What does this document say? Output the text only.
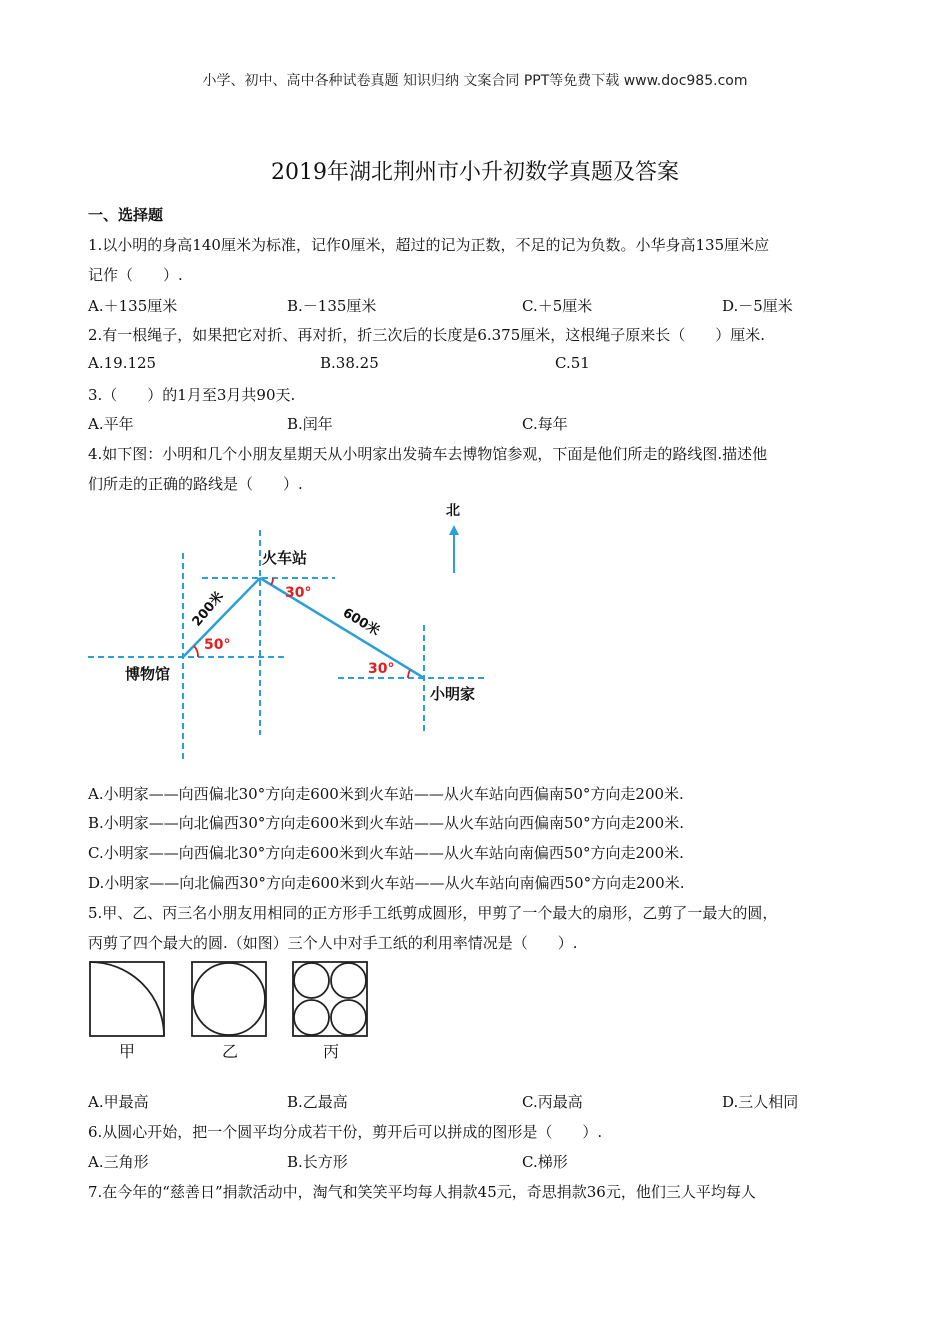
小学、初中、高中各种试卷真题 知识归纳 文案合同 PPT等免费下载 www.doc985.com
2019年湖北荆州市小升初数学真题及答案
一、选择题
1.以小明的身高140厘米为标准，记作0厘米，超过的记为正数，不足的记为负数。小华身高135厘米应
记作（　　）.
A.＋135厘米	B.－135厘米	C.＋5厘米	D.－5厘米
2.有一根绳子，如果把它对折、再对折，折三次后的长度是6.375厘米，这根绳子原来长（　　）厘米.
A.19.125	B.38.25	C.51
3.（　　）的1月至3月共90天.
A.平年	B.闰年	C.每年
4.如下图：小明和几个小朋友星期天从小明家出发骑车去博物馆参观，下面是他们所走的路线图.描述他
们所走的正确的路线是（　　）.
北
火车站
博物馆
小明家
200米	600米
50°
30°
30°
A.小明家——向西偏北30°方向走600米到火车站——从火车站向西偏南50°方向走200米.
B.小明家——向北偏西30°方向走600米到火车站——从火车站向西偏南50°方向走200米.
C.小明家——向西偏北30°方向走600米到火车站——从火车站向南偏西50°方向走200米.
D.小明家——向北偏西30°方向走600米到火车站——从火车站向南偏西50°方向走200米.
5.甲、乙、丙三名小朋友用相同的正方形手工纸剪成圆形，甲剪了一个最大的扇形，乙剪了一最大的圆，
丙剪了四个最大的圆.（如图）三个人中对手工纸的利用率情况是（　　）.
甲	乙	丙
A.甲最高	B.乙最高	C.丙最高	D.三人相同
6.从圆心开始，把一个圆平均分成若干份，剪开后可以拼成的图形是（　　）.
A.三角形	B.长方形	C.梯形
7.在今年的“慈善日”捐款活动中，淘气和笑笑平均每人捐款45元，奇思捐款36元，他们三人平均每人
